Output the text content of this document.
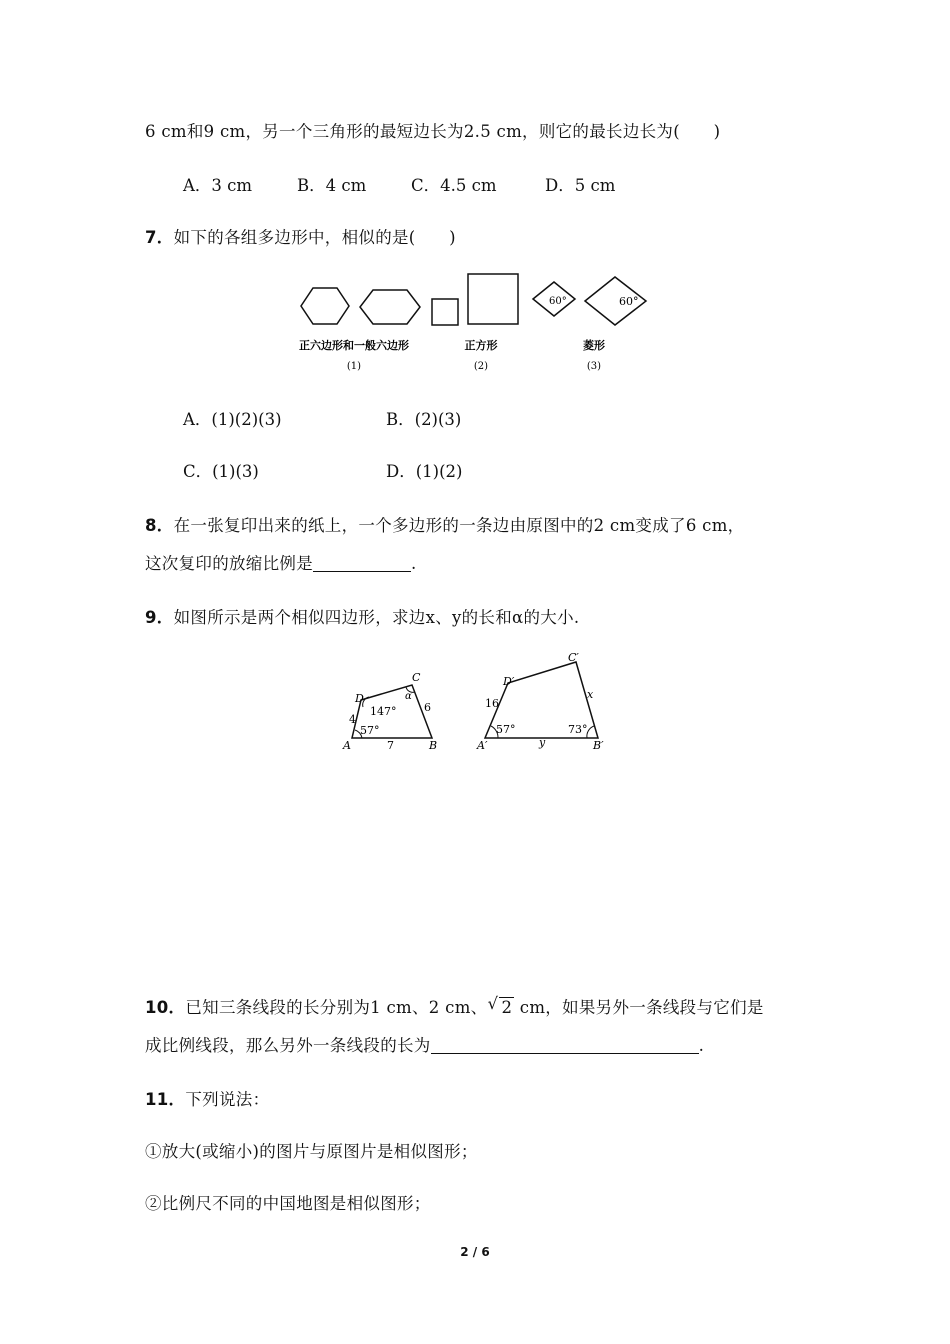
6 cm和9 cm，另一个三角形的最短边长为2.5 cm，则它的最长边长为(　　)
A．3 cm	B．4 cm	C．4.5 cm	D．5 cm
7．如下的各组多边形中，相似的是(　　)
60°	60°
正六边形和一般六边形
(1)
正方形
(2)
菱形
(3)
A．(1)(2)(3)	B．(2)(3)
C．(1)(3)	D．(1)(2)
8．在一张复印出来的纸上，一个多边形的一条边由原图中的2 cm变成了6 cm，
这次复印的放缩比例是	.
9．如图所示是两个相似四边形，求边x、y的长和α的大小.
A	B
C
D	α
4
7
6
147°
57°
A′	B′
C′
D′
x
y
16
57°	73°
10．已知三条线段的长分别为1 cm、2 cm、 √ 2 cm，如果另外一条线段与它们是
成比例线段，那么另外一条线段的长为	.
11．下列说法：
①放大(或缩小)的图片与原图片是相似图形；
②比例尺不同的中国地图是相似图形；
2 / 6
